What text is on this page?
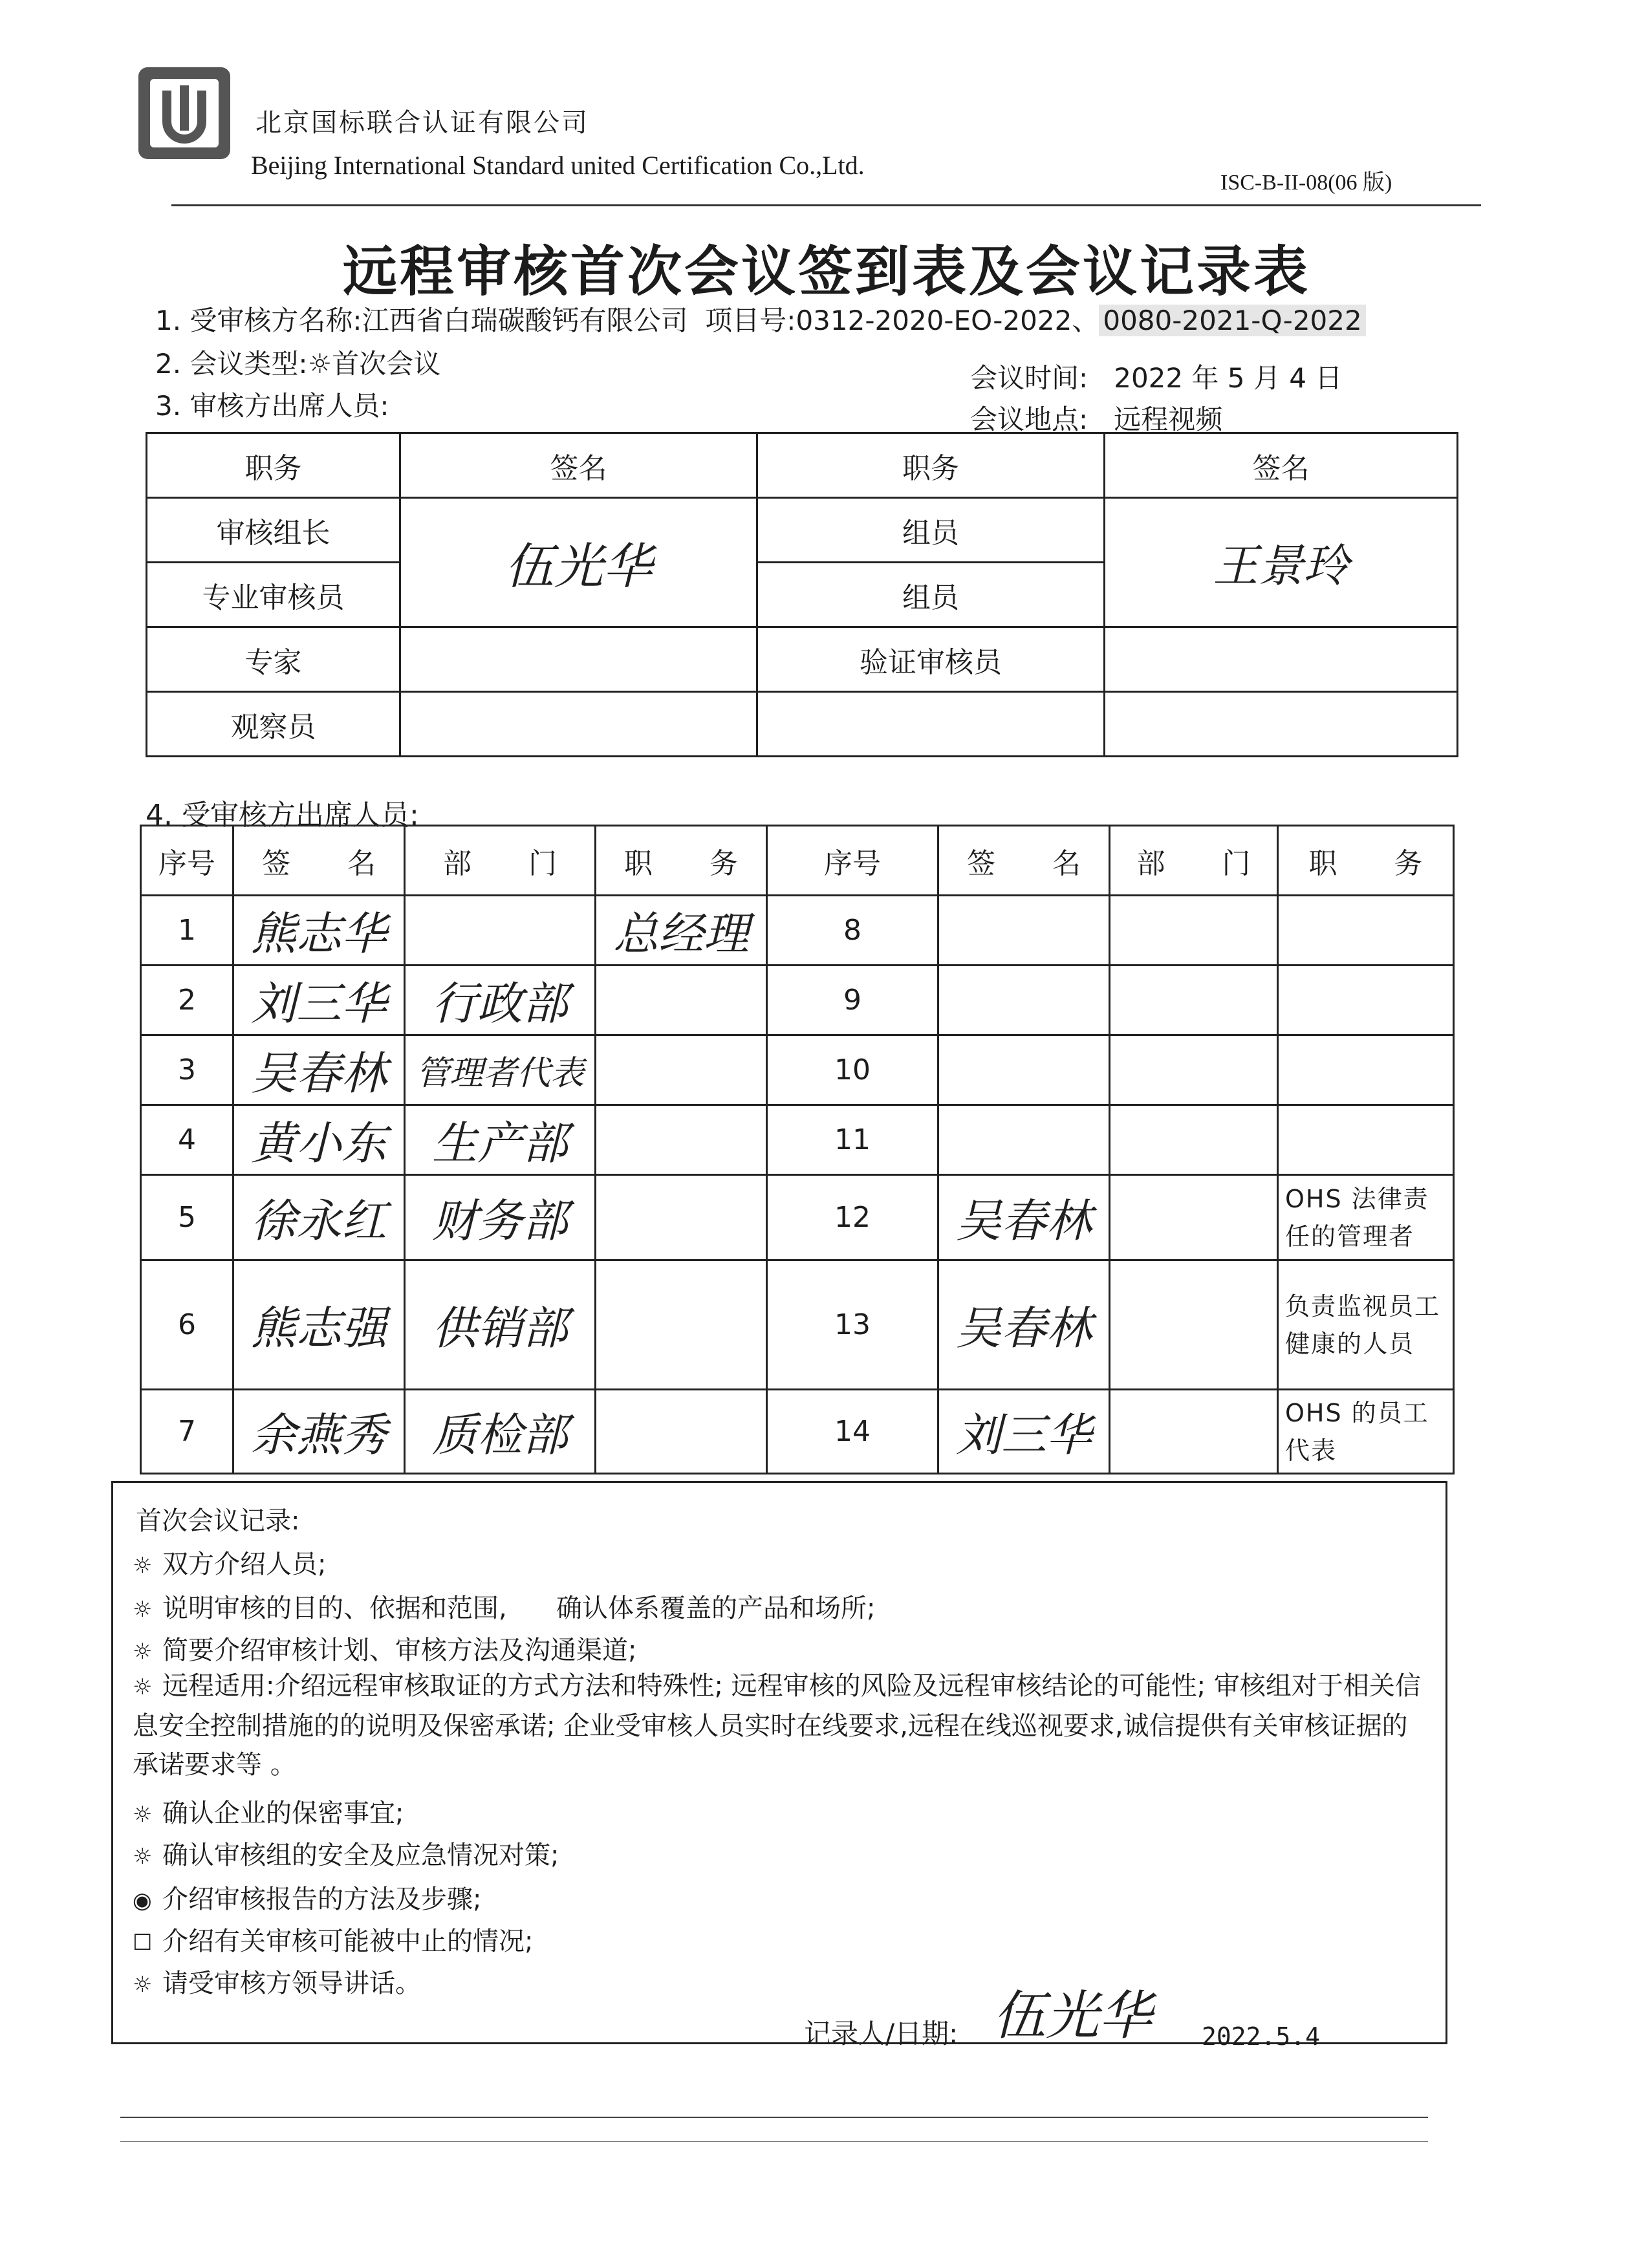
北京国标联合认证有限公司
Beijing International Standard united Certification Co.,Ltd.
ISC-B-II-08(06 版)
远程审核首次会议签到表及会议记录表
1. 受审核方名称:江西省白瑞碳酸钙有限公司 项目号:0312-2020-EO-2022、 0080-2021-Q-2022
2. 会议类型:☼首次会议	会议时间: 2022 年 5 月 4 日
3. 审核方出席人员:	会议地点: 远程视频
职务	签名	职务	签名
审核组长	伍光华	组员	王景玲
专业审核员		组员	
专家		验证审核员	
观察员			
4. 受审核方出席人员:
序号	签　　名	部　　门	职　　务	序号	签　　名	部　　门	职　　务
1	熊志华		总经理	8			
2	刘三华	行政部		9			
3	吴春林	管理者代表		10			
4	黄小东	生产部		11			
5	徐永红	财务部		12	吴春林		OHS 法律责任的管理者
6	熊志强	供销部		13	吴春林		负责监视员工健康的人员
7	余燕秀	质检部		14	刘三华		OHS 的员工代表
首次会议记录:
☼ 双方介绍人员;
☼ 说明审核的目的、依据和范围, 确认体系覆盖的产品和场所;
☼ 简要介绍审核计划、审核方法及沟通渠道;
☼ 远程适用:介绍远程审核取证的方式方法和特殊性; 远程审核的风险及远程审核结论的可能性; 审核组对于相关信息安全控制措施的的说明及保密承诺; 企业受审核人员实时在线要求,远程在线巡视要求,诚信提供有关审核证据的承诺要求等 。
☼ 确认企业的保密事宜;
☼ 确认审核组的安全及应急情况对策;
◉ 介绍审核报告的方法及步骤;
☐ 介绍有关审核可能被中止的情况;
☼ 请受审核方领导讲话。
记录人/日期: 伍光华 2022.5.4
